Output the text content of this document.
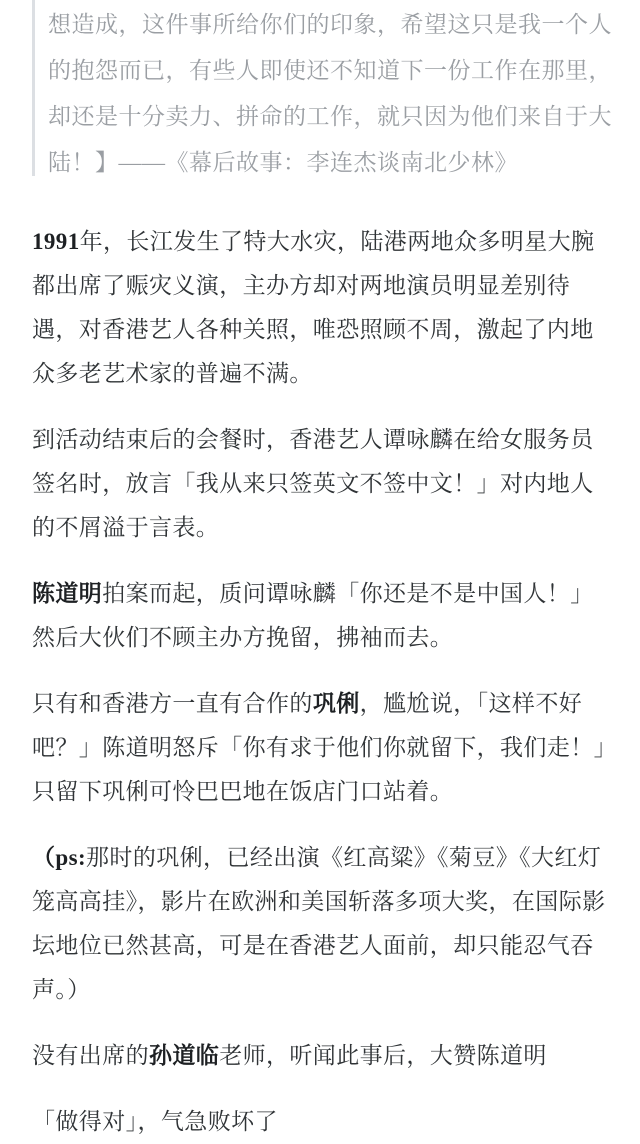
想造成，这件事所给你们的印象，希望这只是我一个人的抱怨而已，有些人即使还不知道下一份工作在那里，却还是十分卖力、拼命的工作，就只因为他们来自于大陆！】——《幕后故事：李连杰谈南北少林》

1991年，长江发生了特大水灾，陆港两地众多明星大腕都出席了赈灾义演，主办方却对两地演员明显差别待遇，对香港艺人各种关照，唯恐照顾不周，激起了内地众多老艺术家的普遍不满。

到活动结束后的会餐时，香港艺人谭咏麟在给女服务员签名时，放言「我从来只签英文不签中文！」对内地人的不屑溢于言表。

陈道明拍案而起，质问谭咏麟「你还是不是中国人！」然后大伙们不顾主办方挽留，拂袖而去。

只有和香港方一直有合作的巩俐，尴尬说，「这样不好吧？」陈道明怒斥「你有求于他们你就留下，我们走！」只留下巩俐可怜巴巴地在饭店门口站着。

（ps:那时的巩俐，已经出演《红高粱》《菊豆》《大红灯笼高高挂》，影片在欧洲和美国斩落多项大奖，在国际影坛地位已然甚高，可是在香港艺人面前，却只能忍气吞声。）

没有出席的孙道临老师，听闻此事后，大赞陈道明

「做得对」，气急败坏了
